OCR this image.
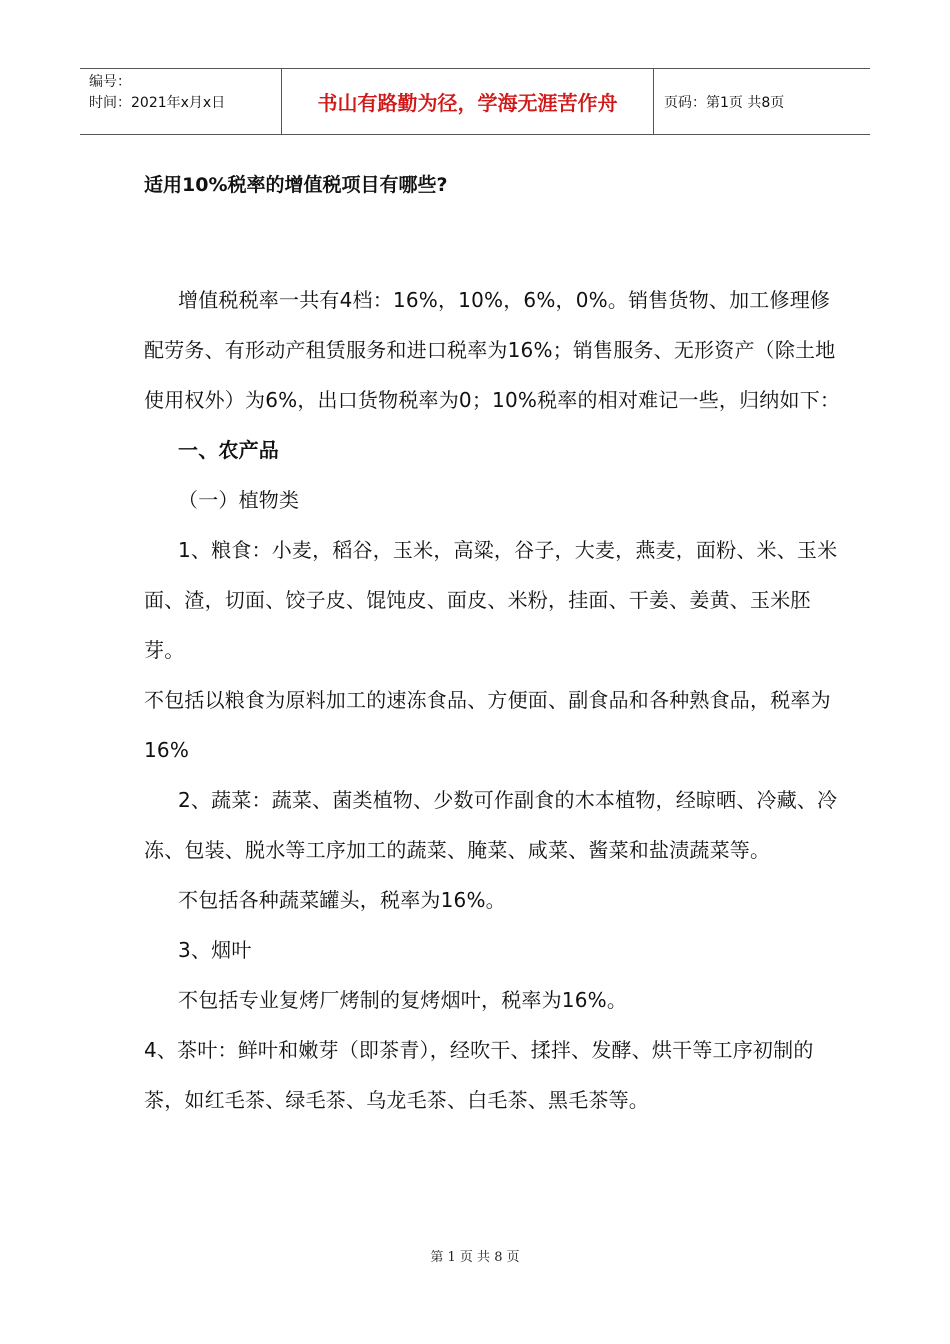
编号：
时间：2021年x月x日	书山有路勤为径，学海无涯苦作舟	页码：第1页 共8页
适用10%税率的增值税项目有哪些?

增值税税率一共有4档：16%，10%，6%，0%。销售货物、加工修理修配劳务、有形动产租赁服务和进口税率为16%；销售服务、无形资产（除土地使用权外）为6%，出口货物税率为0；10%税率的相对难记一些，归纳如下：

一、农产品

（一）植物类

1、粮食：小麦，稻谷，玉米，高粱，谷子，大麦，燕麦，面粉、米、玉米面、渣，切面、饺子皮、馄饨皮、面皮、米粉，挂面、干姜、姜黄、玉米胚芽。

不包括以粮食为原料加工的速冻食品、方便面、副食品和各种熟食品，税率为16%

2、蔬菜：蔬菜、菌类植物、少数可作副食的木本植物，经晾晒、冷藏、冷冻、包装、脱水等工序加工的蔬菜、腌菜、咸菜、酱菜和盐渍蔬菜等。

不包括各种蔬菜罐头，税率为16%。

3、烟叶

不包括专业复烤厂烤制的复烤烟叶，税率为16%。

4、茶叶：鲜叶和嫩芽（即茶青），经吹干、揉拌、发酵、烘干等工序初制的茶，如红毛茶、绿毛茶、乌龙毛茶、白毛茶、黑毛茶等。

第 1 页 共 8 页
